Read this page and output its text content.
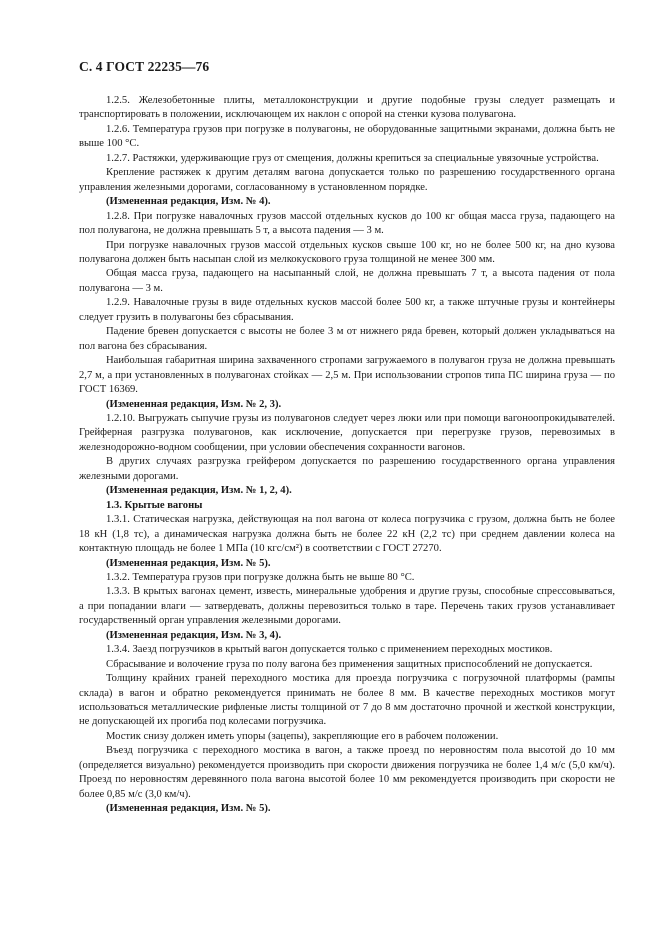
С. 4 ГОСТ 22235—76

1.2.5. Железобетонные плиты, металлоконструкции и другие подобные грузы следует размещать и транспортировать в положении, исключающем их наклон с опорой на стенки кузова полувагона.

1.2.6. Температура грузов при погрузке в полувагоны, не оборудованные защитными экранами, должна быть не выше 100 °С.

1.2.7. Растяжки, удерживающие груз от смещения, должны крепиться за специальные увязочные устройства.

Крепление растяжек к другим деталям вагона допускается только по разрешению государственного органа управления железными дорогами, согласованному в установленном порядке.

(Измененная редакция, Изм. № 4).

1.2.8. При погрузке навалочных грузов массой отдельных кусков до 100 кг общая масса груза, падающего на пол полувагона, не должна превышать 5 т, а высота падения — 3 м.

При погрузке навалочных грузов массой отдельных кусков свыше 100 кг, но не более 500 кг, на дно кузова полувагона должен быть насыпан слой из мелкокускового груза толщиной не менее 300 мм.

Общая масса груза, падающего на насыпанный слой, не должна превышать 7 т, а высота падения от пола полувагона — 3 м.

1.2.9. Навалочные грузы в виде отдельных кусков массой более 500 кг, а также штучные грузы и контейнеры следует грузить в полувагоны без сбрасывания.

Падение бревен допускается с высоты не более 3 м от нижнего ряда бревен, который должен укладываться на пол вагона без сбрасывания.

Наибольшая габаритная ширина захваченного стропами загружаемого в полувагон груза не должна превышать 2,7 м, а при установленных в полувагонах стойках — 2,5 м. При использовании стропов типа ПС ширина груза — по ГОСТ 16369.

(Измененная редакция, Изм. № 2, 3).

1.2.10. Выгружать сыпучие грузы из полувагонов следует через люки или при помощи вагоноопрокидывателей. Грейферная разгрузка полувагонов, как исключение, допускается при перегрузке грузов, перевозимых в железнодорожно-водном сообщении, при условии обеспечения сохранности вагонов.

В других случаях разгрузка грейфером допускается по разрешению государственного органа управления железными дорогами.

(Измененная редакция, Изм. № 1, 2, 4).

1.3. Крытые вагоны

1.3.1. Статическая нагрузка, действующая на пол вагона от колеса погрузчика с грузом, должна быть не более 18 кН (1,8 тс), а динамическая нагрузка должна быть не более 22 кН (2,2 тс) при среднем давлении колеса на контактную площадь не более 1 МПа (10 кгс/см²) в соответствии с ГОСТ 27270.

(Измененная редакция, Изм. № 5).

1.3.2. Температура грузов при погрузке должна быть не выше 80 °С.

1.3.3. В крытых вагонах цемент, известь, минеральные удобрения и другие грузы, способные спрессовываться, а при попадании влаги — затвердевать, должны перевозиться только в таре. Перечень таких грузов устанавливает государственный орган управления железными дорогами.

(Измененная редакция, Изм. № 3, 4).

1.3.4. Заезд погрузчиков в крытый вагон допускается только с применением переходных мостиков.

Сбрасывание и волочение груза по полу вагона без применения защитных приспособлений не допускается.

Толщину крайних граней переходного мостика для проезда погрузчика с погрузочной платформы (рампы склада) в вагон и обратно рекомендуется принимать не более 8 мм. В качестве переходных мостиков могут использоваться металлические рифленые листы толщиной от 7 до 8 мм достаточно прочной и жесткой конструкции, не допускающей их прогиба под колесами погрузчика.

Мостик снизу должен иметь упоры (зацепы), закрепляющие его в рабочем положении.

Въезд погрузчика с переходного мостика в вагон, а также проезд по неровностям пола высотой до 10 мм (определяется визуально) рекомендуется производить при скорости движения погрузчика не более 1,4 м/с (5,0 км/ч). Проезд по неровностям деревянного пола вагона высотой более 10 мм рекомендуется производить при скорости не более 0,85 м/с (3,0 км/ч).

(Измененная редакция, Изм. № 5).
